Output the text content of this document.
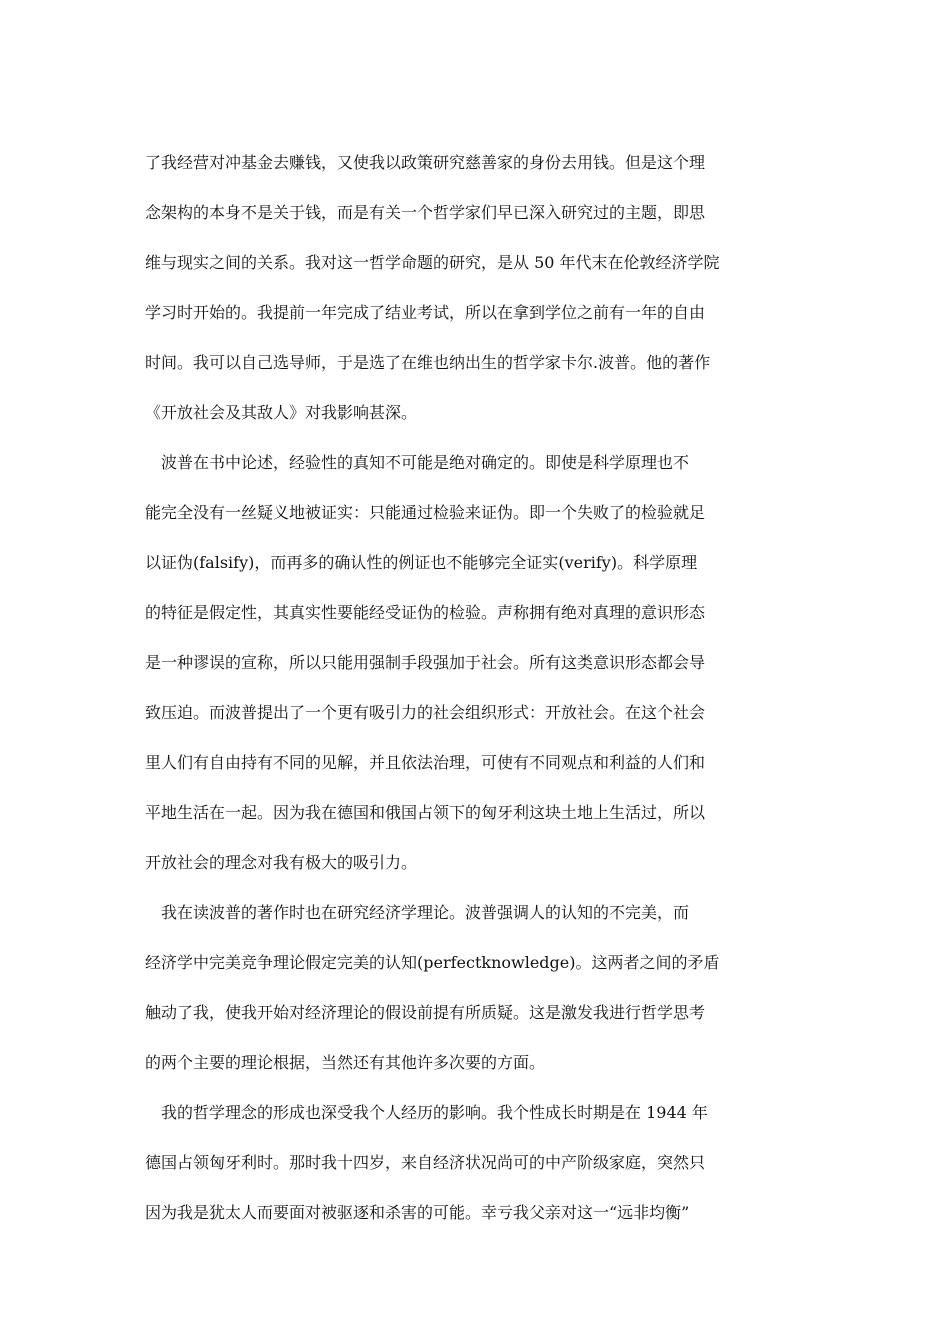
了我经营对冲基金去赚钱，又使我以政策研究慈善家的身份去用钱。但是这个理
念架构的本身不是关于钱，而是有关一个哲学家们早已深入研究过的主题，即思
维与现实之间的关系。我对这一哲学命题的研究，是从 50 年代末在伦敦经济学院
学习时开始的。我提前一年完成了结业考试，所以在拿到学位之前有一年的自由
时间。我可以自己选导师，于是选了在维也纳出生的哲学家卡尔.波普。他的著作
《开放社会及其敌人》对我影响甚深。
　波普在书中论述，经验性的真知不可能是绝对确定的。即使是科学原理也不
能完全没有一丝疑义地被证实：只能通过检验来证伪。即一个失败了的检验就足
以证伪(falsify)，而再多的确认性的例证也不能够完全证实(verify)。科学原理
的特征是假定性，其真实性要能经受证伪的检验。声称拥有绝对真理的意识形态
是一种谬误的宣称，所以只能用强制手段强加于社会。所有这类意识形态都会导
致压迫。而波普提出了一个更有吸引力的社会组织形式：开放社会。在这个社会
里人们有自由持有不同的见解，并且依法治理，可使有不同观点和利益的人们和
平地生活在一起。因为我在德国和俄国占领下的匈牙利这块土地上生活过，所以
开放社会的理念对我有极大的吸引力。
　我在读波普的著作时也在研究经济学理论。波普强调人的认知的不完美，而
经济学中完美竞争理论假定完美的认知(perfectknowledge)。这两者之间的矛盾
触动了我，使我开始对经济理论的假设前提有所质疑。这是激发我进行哲学思考
的两个主要的理论根据，当然还有其他许多次要的方面。
　我的哲学理念的形成也深受我个人经历的影响。我个性成长时期是在 1944 年
德国占领匈牙利时。那时我十四岁，来自经济状况尚可的中产阶级家庭，突然只
因为我是犹太人而要面对被驱逐和杀害的可能。幸亏我父亲对这一“远非均衡”
